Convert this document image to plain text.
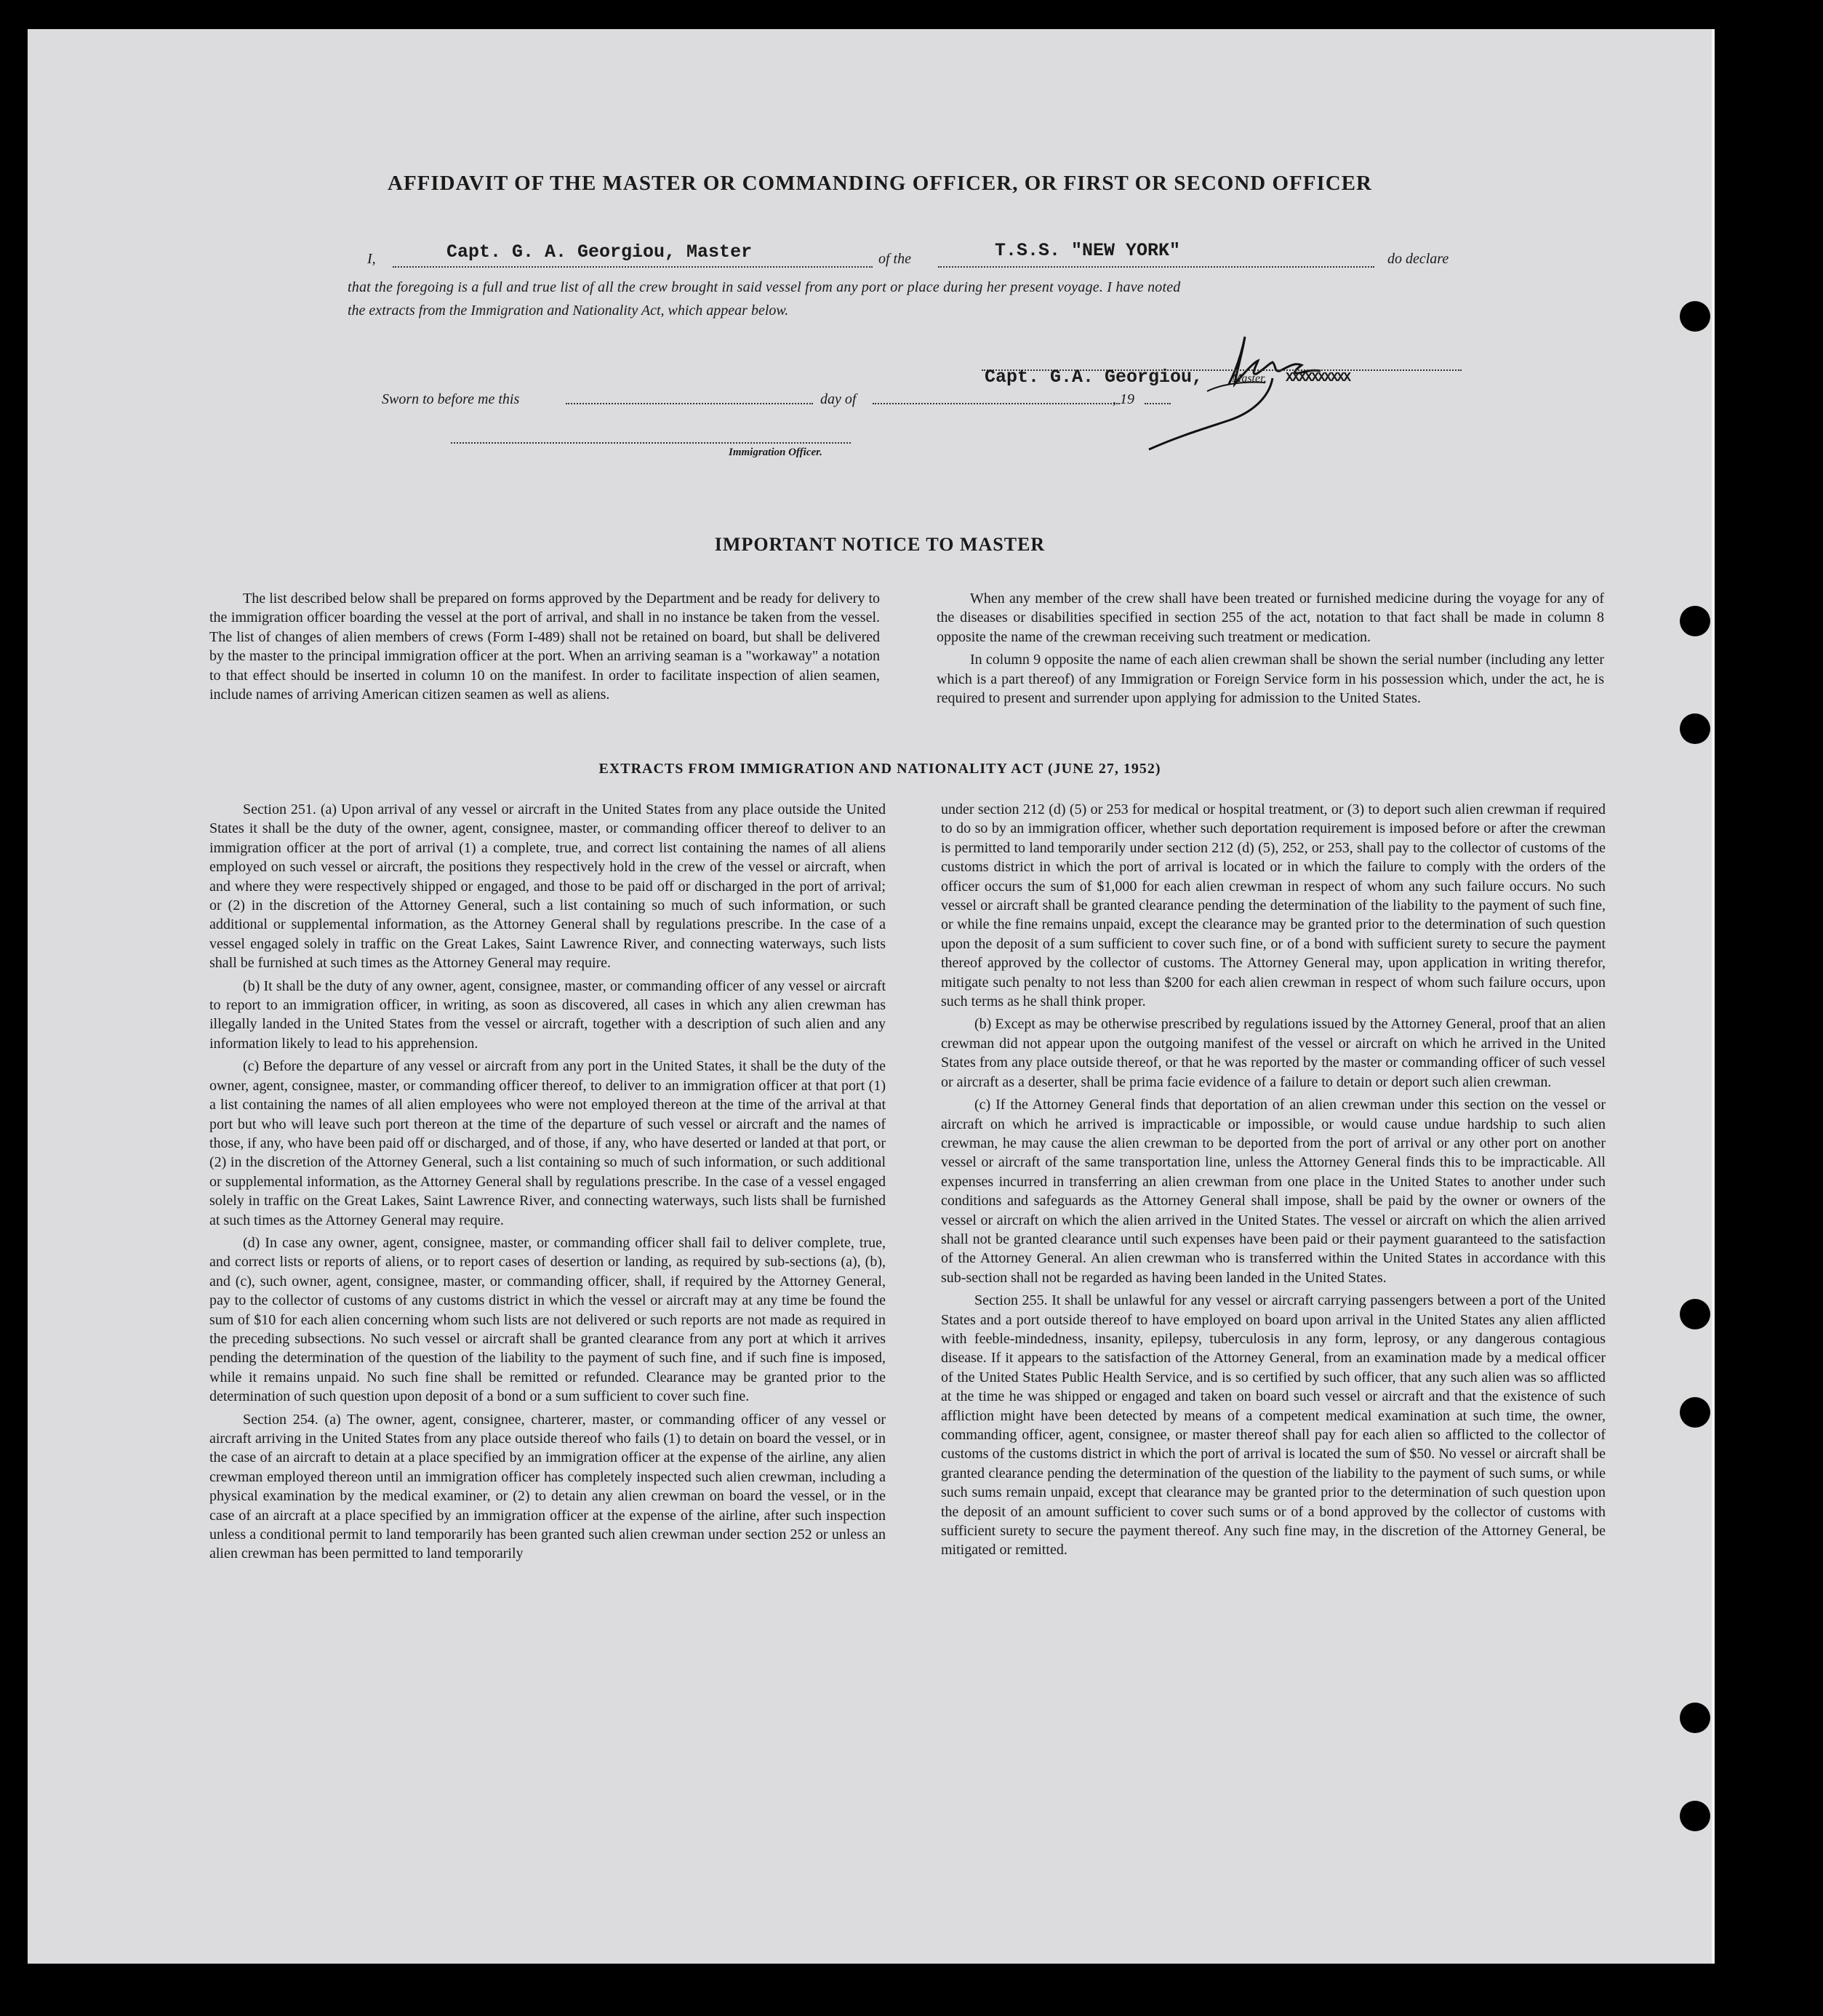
AFFIDAVIT OF THE MASTER OR COMMANDING OFFICER, OR FIRST OR SECOND OFFICER
I,	Capt. G. A. Georgiou, Master	of the	T.S.S. "NEW YORK"	do declare
that the foregoing is a full and true list of all the crew brought in said vessel from any port or place during her present voyage. I have noted
the extracts from the Immigration and Nationality Act, which appear below.
Capt. G.A. Georgiou, Master, XXXXXXXXXX
Sworn to before me this	day of	, 19
Immigration Officer.
IMPORTANT NOTICE TO MASTER

The list described below shall be prepared on forms approved by the Department and be ready for delivery to the immigration officer boarding the vessel at the port of arrival, and shall in no instance be taken from the vessel. The list of changes of alien members of crews (Form I-489) shall not be retained on board, but shall be delivered by the master to the principal immigration officer at the port. When an arriving seaman is a "workaway" a notation to that effect should be inserted in column 10 on the manifest. In order to facilitate inspection of alien seamen, include names of arriving American citizen seamen as well as aliens.

When any member of the crew shall have been treated or furnished medicine during the voyage for any of the diseases or disabilities specified in section 255 of the act, notation to that fact shall be made in column 8 opposite the name of the crewman receiving such treatment or medication.

In column 9 opposite the name of each alien crewman shall be shown the serial number (including any letter which is a part thereof) of any Immigration or Foreign Service form in his possession which, under the act, he is required to present and surrender upon applying for admission to the United States.

EXTRACTS FROM IMMIGRATION AND NATIONALITY ACT (JUNE 27, 1952)

Section 251. (a) Upon arrival of any vessel or aircraft in the United States from any place outside the United States it shall be the duty of the owner, agent, consignee, master, or commanding officer thereof to deliver to an immigration officer at the port of arrival (1) a complete, true, and correct list containing the names of all aliens employed on such vessel or aircraft, the positions they respectively hold in the crew of the vessel or aircraft, when and where they were respectively shipped or engaged, and those to be paid off or discharged in the port of arrival; or (2) in the discretion of the Attorney General, such a list containing so much of such information, or such additional or supplemental information, as the Attorney General shall by regulations prescribe. In the case of a vessel engaged solely in traffic on the Great Lakes, Saint Lawrence River, and connecting waterways, such lists shall be furnished at such times as the Attorney General may require.

(b) It shall be the duty of any owner, agent, consignee, master, or commanding officer of any vessel or aircraft to report to an immigration officer, in writing, as soon as discovered, all cases in which any alien crewman has illegally landed in the United States from the vessel or aircraft, together with a description of such alien and any information likely to lead to his apprehension.

(c) Before the departure of any vessel or aircraft from any port in the United States, it shall be the duty of the owner, agent, consignee, master, or commanding officer thereof, to deliver to an immigration officer at that port (1) a list containing the names of all alien employees who were not employed thereon at the time of the arrival at that port but who will leave such port thereon at the time of the departure of such vessel or aircraft and the names of those, if any, who have been paid off or discharged, and of those, if any, who have deserted or landed at that port, or (2) in the discretion of the Attorney General, such a list containing so much of such information, or such additional or supplemental information, as the Attorney General shall by regulations prescribe. In the case of a vessel engaged solely in traffic on the Great Lakes, Saint Lawrence River, and connecting waterways, such lists shall be furnished at such times as the Attorney General may require.

(d) In case any owner, agent, consignee, master, or commanding officer shall fail to deliver complete, true, and correct lists or reports of aliens, or to report cases of desertion or landing, as required by sub-sections (a), (b), and (c), such owner, agent, consignee, master, or commanding officer, shall, if required by the Attorney General, pay to the collector of customs of any customs district in which the vessel or aircraft may at any time be found the sum of $10 for each alien concerning whom such lists are not delivered or such reports are not made as required in the preceding subsections. No such vessel or aircraft shall be granted clearance from any port at which it arrives pending the determination of the question of the liability to the payment of such fine, and if such fine is imposed, while it remains unpaid. No such fine shall be remitted or refunded. Clearance may be granted prior to the determination of such question upon deposit of a bond or a sum sufficient to cover such fine.

Section 254. (a) The owner, agent, consignee, charterer, master, or commanding officer of any vessel or aircraft arriving in the United States from any place outside thereof who fails (1) to detain on board the vessel, or in the case of an aircraft to detain at a place specified by an immigration officer at the expense of the airline, any alien crewman employed thereon until an immigration officer has completely inspected such alien crewman, including a physical examination by the medical examiner, or (2) to detain any alien crewman on board the vessel, or in the case of an aircraft at a place specified by an immigration officer at the expense of the airline, after such inspection unless a conditional permit to land temporarily has been granted such alien crewman under section 252 or unless an alien crewman has been permitted to land temporarily

under section 212 (d) (5) or 253 for medical or hospital treatment, or (3) to deport such alien crewman if required to do so by an immigration officer, whether such deportation requirement is imposed before or after the crewman is permitted to land temporarily under section 212 (d) (5), 252, or 253, shall pay to the collector of customs of the customs district in which the port of arrival is located or in which the failure to comply with the orders of the officer occurs the sum of $1,000 for each alien crewman in respect of whom any such failure occurs. No such vessel or aircraft shall be granted clearance pending the determination of the liability to the payment of such fine, or while the fine remains unpaid, except the clearance may be granted prior to the determination of such question upon the deposit of a sum sufficient to cover such fine, or of a bond with sufficient surety to secure the payment thereof approved by the collector of customs. The Attorney General may, upon application in writing therefor, mitigate such penalty to not less than $200 for each alien crewman in respect of whom such failure occurs, upon such terms as he shall think proper.

(b) Except as may be otherwise prescribed by regulations issued by the Attorney General, proof that an alien crewman did not appear upon the outgoing manifest of the vessel or aircraft on which he arrived in the United States from any place outside thereof, or that he was reported by the master or commanding officer of such vessel or aircraft as a deserter, shall be prima facie evidence of a failure to detain or deport such alien crewman.

(c) If the Attorney General finds that deportation of an alien crewman under this section on the vessel or aircraft on which he arrived is impracticable or impossible, or would cause undue hardship to such alien crewman, he may cause the alien crewman to be deported from the port of arrival or any other port on another vessel or aircraft of the same transportation line, unless the Attorney General finds this to be impracticable. All expenses incurred in transferring an alien crewman from one place in the United States to another under such conditions and safeguards as the Attorney General shall impose, shall be paid by the owner or owners of the vessel or aircraft on which the alien arrived in the United States. The vessel or aircraft on which the alien arrived shall not be granted clearance until such expenses have been paid or their payment guaranteed to the satisfaction of the Attorney General. An alien crewman who is transferred within the United States in accordance with this sub-section shall not be regarded as having been landed in the United States.

Section 255. It shall be unlawful for any vessel or aircraft carrying passengers between a port of the United States and a port outside thereof to have employed on board upon arrival in the United States any alien afflicted with feeble-mindedness, insanity, epilepsy, tuberculosis in any form, leprosy, or any dangerous contagious disease. If it appears to the satisfaction of the Attorney General, from an examination made by a medical officer of the United States Public Health Service, and is so certified by such officer, that any such alien was so afflicted at the time he was shipped or engaged and taken on board such vessel or aircraft and that the existence of such affliction might have been detected by means of a competent medical examination at such time, the owner, commanding officer, agent, consignee, or master thereof shall pay for each alien so afflicted to the collector of customs of the customs district in which the port of arrival is located the sum of $50. No vessel or aircraft shall be granted clearance pending the determination of the question of the liability to the payment of such sums, or while such sums remain unpaid, except that clearance may be granted prior to the determination of such question upon the deposit of an amount sufficient to cover such sums or of a bond approved by the collector of customs with sufficient surety to secure the payment thereof. Any such fine may, in the discretion of the Attorney General, be mitigated or remitted.
